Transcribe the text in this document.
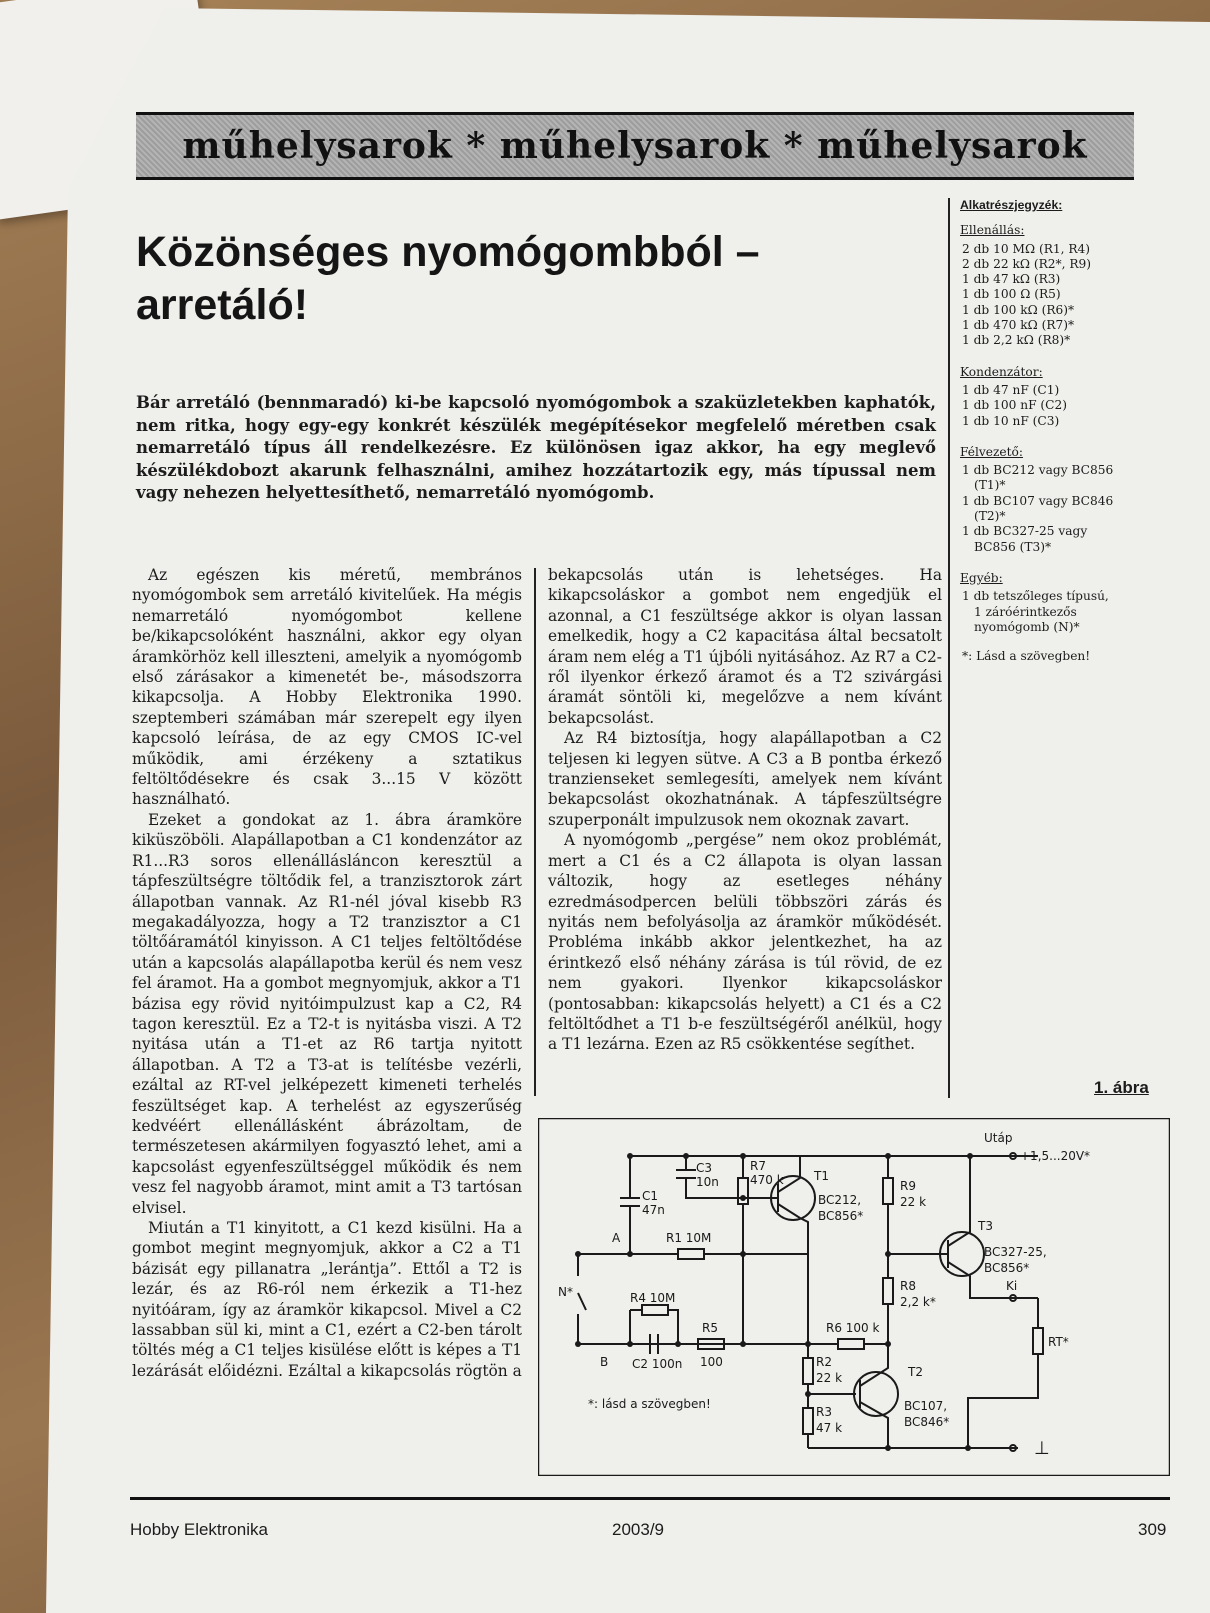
műhelysarok * műhelysarok * műhelysarok
Közönséges nyomógombból –
arretáló!
Bár arretáló (bennmaradó) ki-be kapcsoló nyomógombok a szaküzletekben kaphatók, nem ritka, hogy egy-egy konkrét készülék megépítésekor megfelelő méretben csak nemarretáló típus áll rendelkezésre. Ez különösen igaz akkor, ha egy meglevő készülékdobozt akarunk felhasználni, amihez hozzátartozik egy, más típussal nem vagy nehezen helyettesíthető, nemarretáló nyomógomb.
Alkatrészjegyzék:
Ellenállás:
2 db 10 MΩ (R1, R4)
2 db 22 kΩ (R2*, R9)
1 db 47 kΩ (R3)
1 db 100 Ω (R5)
1 db 100 kΩ (R6)*
1 db 470 kΩ (R7)*
1 db 2,2 kΩ (R8)*
Kondenzátor:
1 db 47 nF (C1)
1 db 100 nF (C2)
1 db 10 nF (C3)
Félvezető:
1 db BC212 vagy BC856
(T1)*
1 db BC107 vagy BC846
(T2)*
1 db BC327-25 vagy
BC856 (T3)*
Egyéb:
1 db tetszőleges típusú,
1 záróérintkezős
nyomógomb (N)*
*: Lásd a szövegben!

Az egészen kis méretű, membrános nyomógombok sem arretáló kivitelűek. Ha mégis nemarretáló nyomógombot kellene be/kikapcsolóként használni, akkor egy olyan áramkörhöz kell illeszteni, amelyik a nyomógomb első zárásakor a kimenetét be-, másodszorra kikapcsolja. A Hobby Elektronika 1990. szeptemberi számában már szerepelt egy ilyen kapcsoló leírása, de az egy CMOS IC-vel működik, ami érzékeny a sztatikus feltöltődésekre és csak 3...15 V között használható.

Ezeket a gondokat az 1. ábra áramköre kiküszöböli. Alapállapotban a C1 kondenzátor az R1...R3 soros ellenállásláncon keresztül a tápfeszültségre töltődik fel, a tranzisztorok zárt állapotban vannak. Az R1-nél jóval kisebb R3 megakadályozza, hogy a T2 tranzisztor a C1 töltőáramától kinyisson. A C1 teljes feltöltődése után a kapcsolás alapállapotba kerül és nem vesz fel áramot. Ha a gombot megnyomjuk, akkor a T1 bázisa egy rövid nyitóimpulzust kap a C2, R4 tagon keresztül. Ez a T2-t is nyitásba viszi. A T2 nyitása után a T1-et az R6 tartja nyitott állapotban. A T2 a T3-at is telítésbe vezérli, ezáltal az RT-vel jelképezett kimeneti terhelés feszültséget kap. A terhelést az egyszerűség kedvéért ellenállásként ábrázoltam, de természetesen akármilyen fogyasztó lehet, ami a kapcsolást egyenfeszültséggel működik és nem vesz fel nagyobb áramot, mint amit a T3 tartósan elvisel.

Miután a T1 kinyitott, a C1 kezd kisülni. Ha a gombot megint megnyomjuk, akkor a C2 a T1 bázisát egy pillanatra „lerántja”. Ettől a T2 is lezár, és az R6-ról nem érkezik a T1-hez nyitóáram, így az áramkör kikapcsol. Mivel a C2 lassabban sül ki, mint a C1, ezért a C2-ben tárolt töltés még a C1 teljes kisülése előtt is képes a T1 lezárását előidézni. Ezáltal a kikapcsolás rögtön a

bekapcsolás után is lehetséges. Ha kikapcsoláskor a gombot nem engedjük el azonnal, a C1 feszültsége akkor is olyan lassan emelkedik, hogy a C2 kapacitása által becsatolt áram nem elég a T1 újbóli nyitásához. Az R7 a C2-ről ilyenkor érkező áramot és a T2 szivárgási áramát söntöli ki, megelőzve a nem kívánt bekapcsolást.

Az R4 biztosítja, hogy alapállapotban a C2 teljesen ki legyen sütve. A C3 a B pontba érkező tranzienseket semlegesíti, amelyek nem kívánt bekapcsolást okozhatnának. A tápfeszültségre szuperponált impulzusok nem okoznak zavart.

A nyomógomb „pergése” nem okoz problémát, mert a C1 és a C2 állapota is olyan lassan változik, hogy az esetleges néhány ezredmásodpercen belüli többszöri zárás és nyitás nem befolyásolja az áramkör működését. Probléma inkább akkor jelentkezhet, ha az érintkező első néhány zárása is túl rövid, de ez nem gyakori. Ilyenkor kikapcsoláskor (pontosabban: kikapcsolás helyett) a C1 és a C2 feltöltődhet a T1 b-e feszültségéről anélkül, hogy a T1 lezárna. Ezen az R5 csökkentése segíthet.

1. ábra
Utáp
+1,5...20V*
C1
47n
C3
10n
R7
470 k
A	R1 10M
R4 10M
R5
100
C2 100n
B
N*
R6 100 k
R2
22 k
R3
47 k
R9
22 k
R8
2,2 k*
T1
BC212,
BC856*
T2
BC107,
BC846*
T3
BC327-25,
BC856*
Ki
RT*
*: lásd a szövegben!
⊥
Hobby Elektronika	2003/9	309
